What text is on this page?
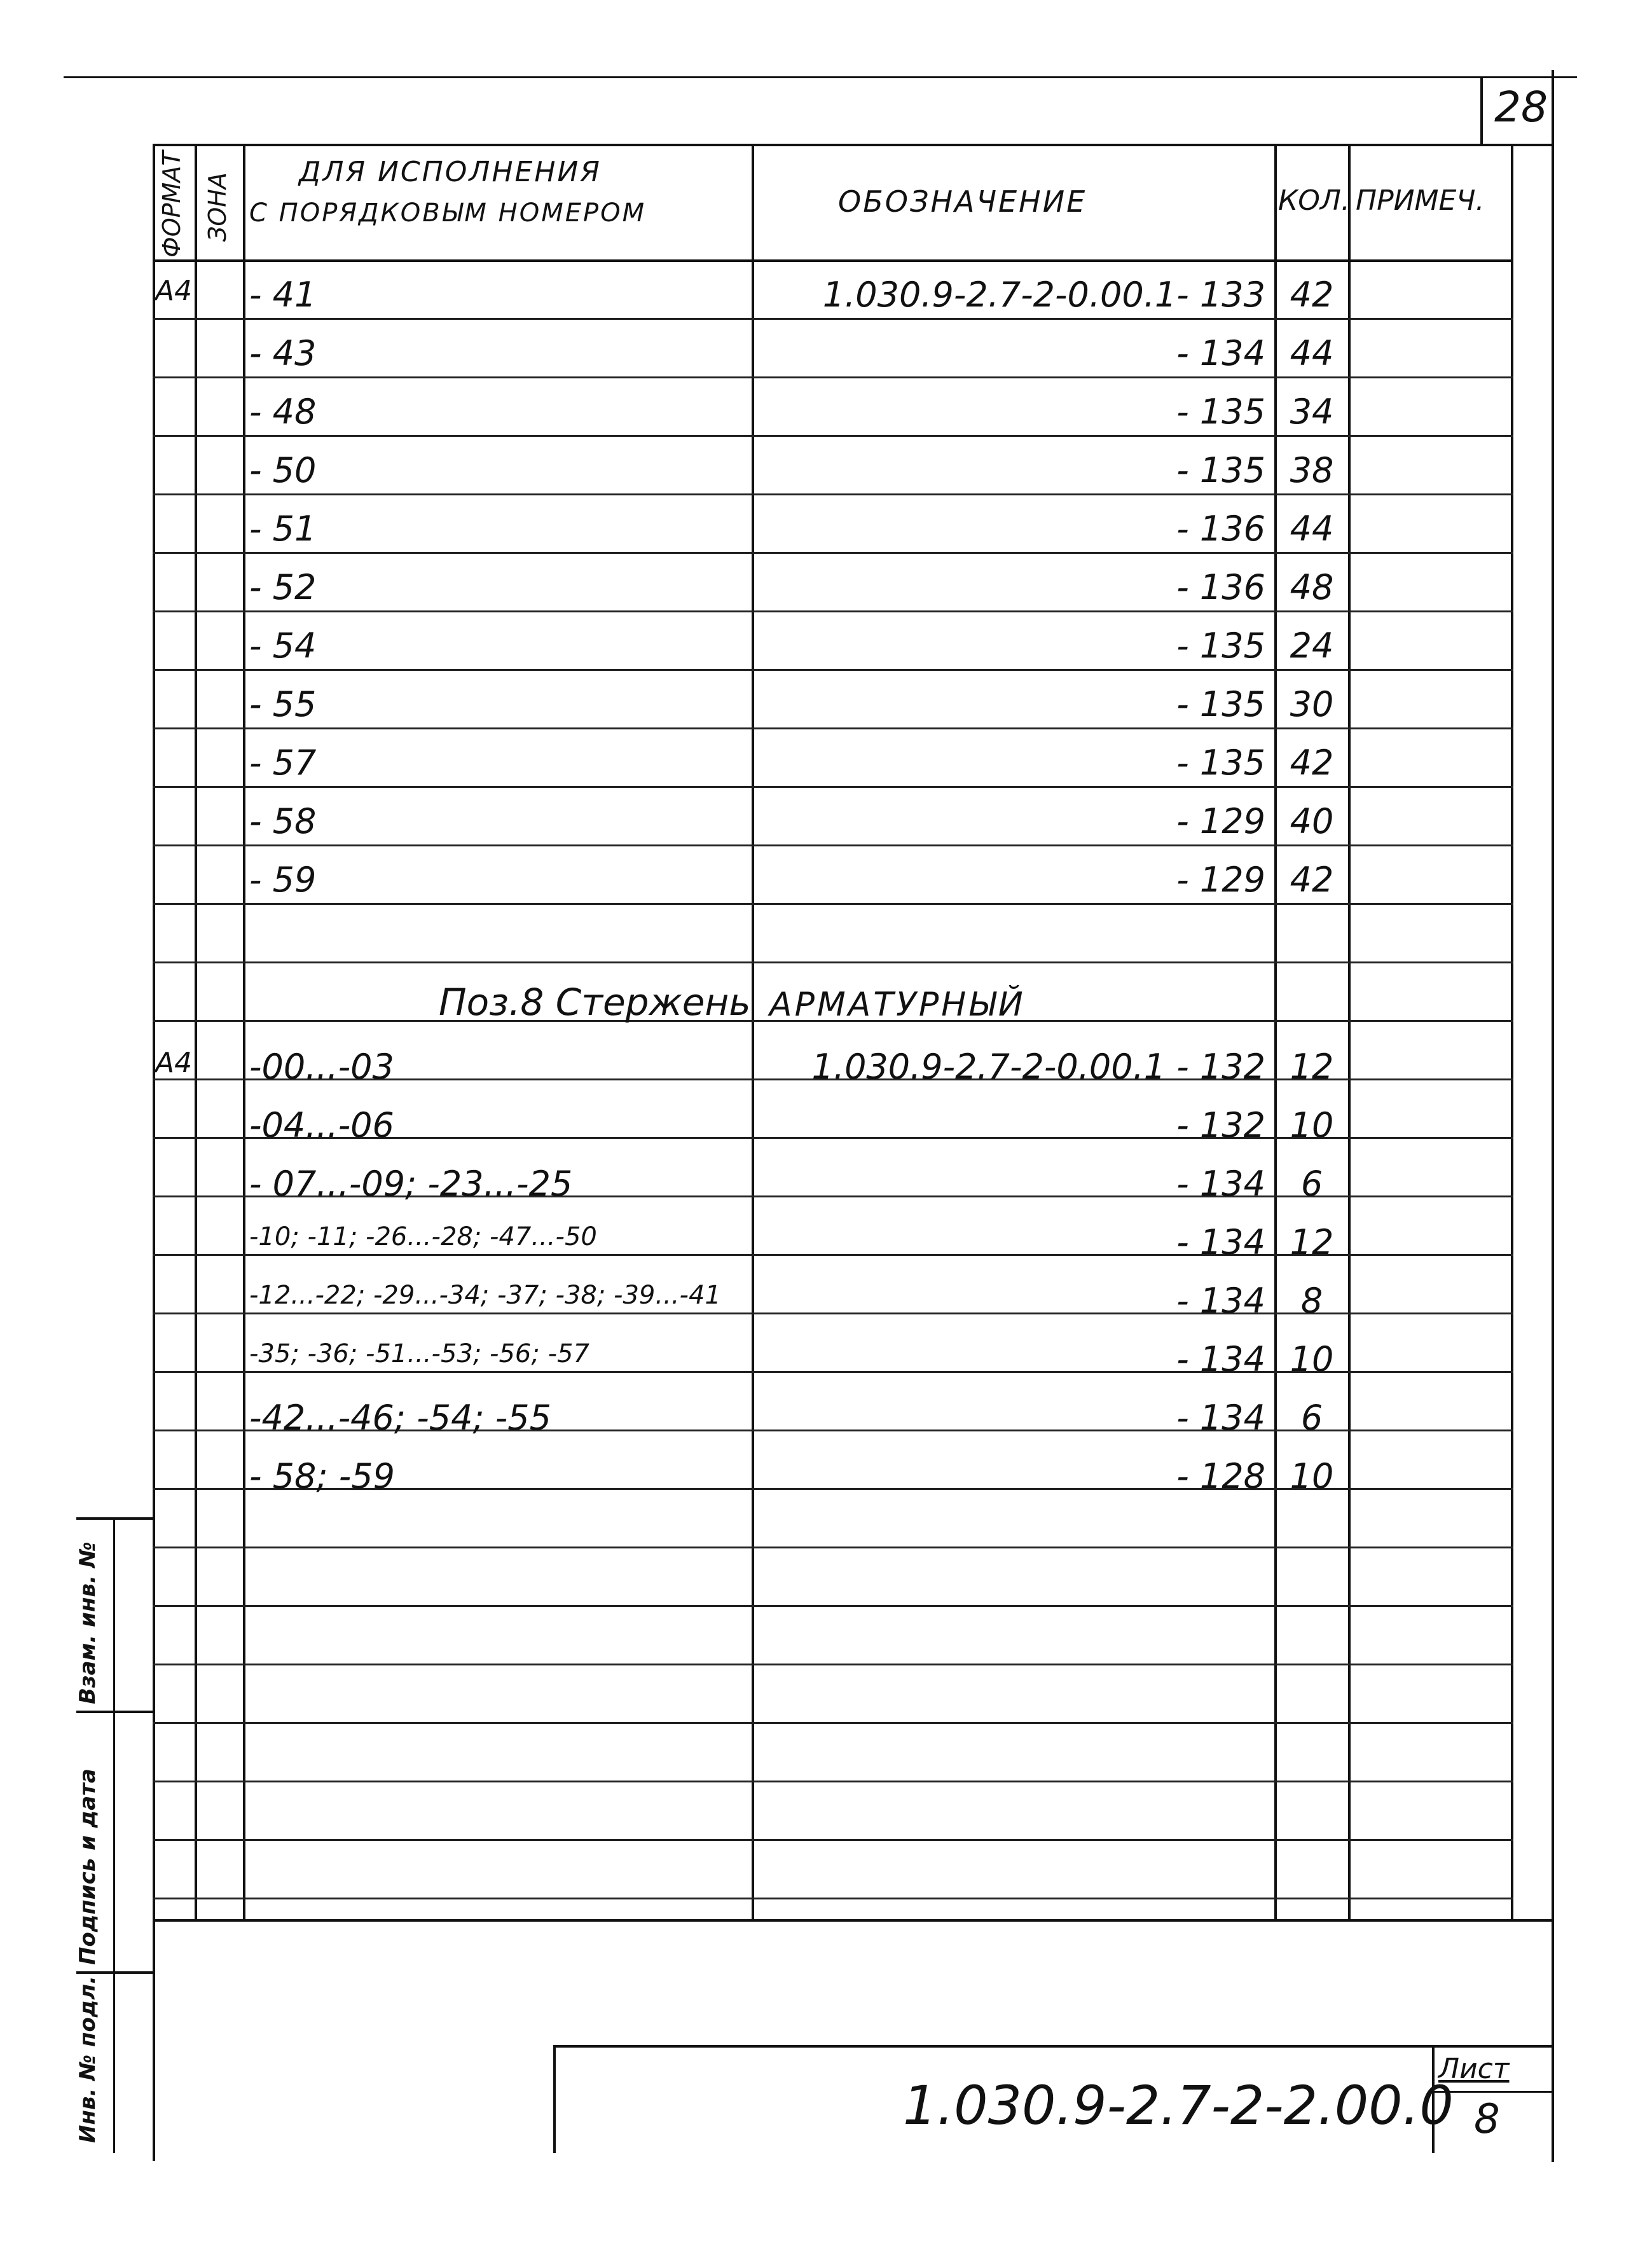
28
ФОРМАТ ЗОНА
ДЛЯ ИСПОЛНЕНИЯ
С ПОРЯДКОВЫМ НОМЕРОМ	ОБОЗНАЧЕНИЕ	КОЛ. ПРИМЕЧ.
А4 - 41	1.030.9-2.7-2-0.00.1- 133 42
- 43	- 134 44
- 48	- 135 34
- 50	- 135 38
- 51	- 136 44
- 52	- 136 48
- 54	- 135 24
- 55	- 135 30
- 57	- 135 42
- 58	- 129 40
- 59	- 129 42
Поз.8 Стержень АРМАТУРНЫЙ
А4 -00...-03	1.030.9-2.7-2-0.00.1 - 132 12
-04...-06	- 132 10
- 07...-09; -23...-25	- 134	6
-10; -11; -26...-28; -47...-50	- 134 12
-12...-22; -29...-34; -37; -38; -39...-41	- 134	8
-35; -36; -51...-53; -56; -57	- 134 10
-42...-46; -54; -55	- 134	6
- 58; -59	- 128 10
Инв. № подл.
Подпись и дата
Взам. инв. №
1.030.9-2.7-2-2.00.0
Лист
8
